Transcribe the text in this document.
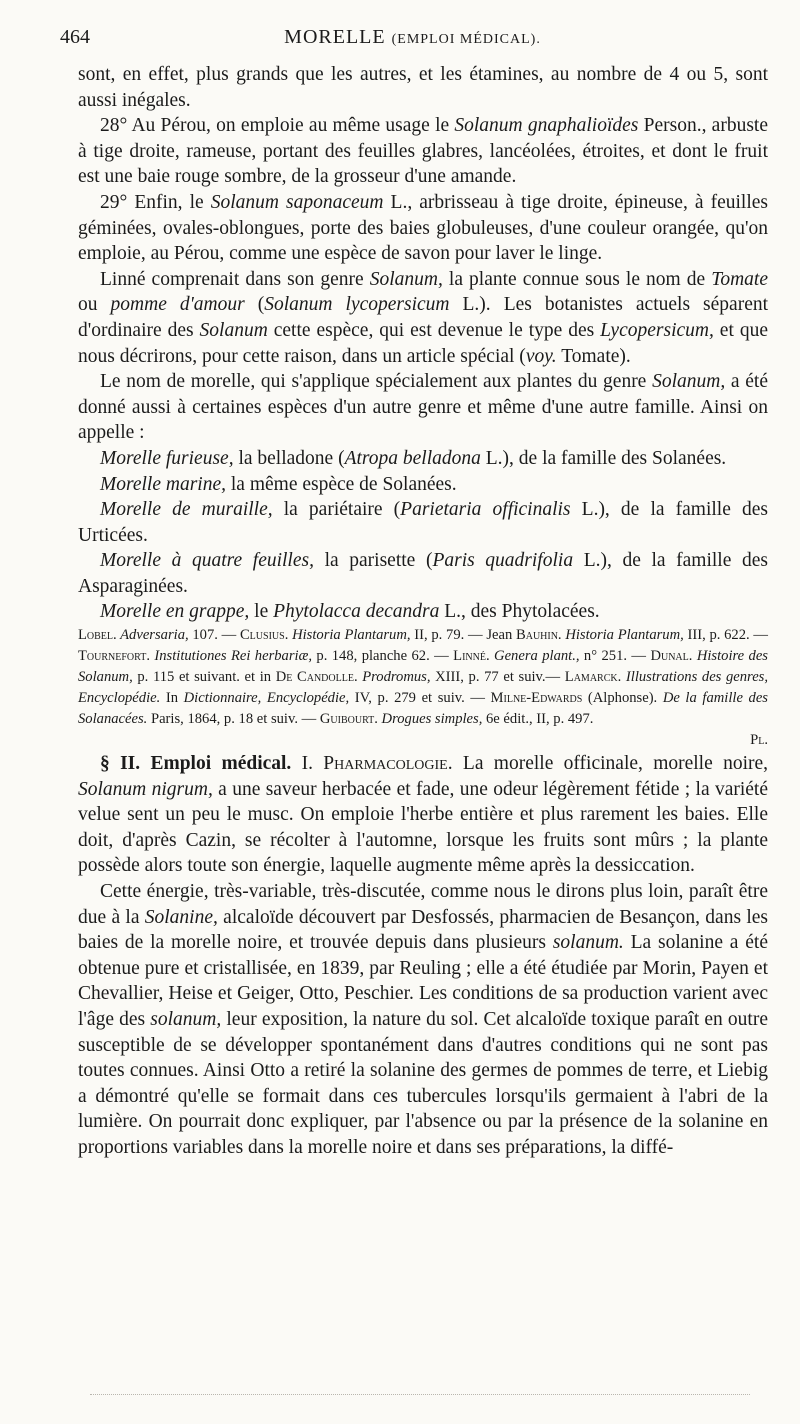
464	MORELLE (EMPLOI MÉDICAL).

sont, en effet, plus grands que les autres, et les étamines, au nombre de 4 ou 5, sont aussi inégales.

28° Au Pérou, on emploie au même usage le Solanum gnaphalioïdes Person., arbuste à tige droite, rameuse, portant des feuilles glabres, lancéolées, étroites, et dont le fruit est une baie rouge sombre, de la grosseur d'une amande.

29° Enfin, le Solanum saponaceum L., arbrisseau à tige droite, épineuse, à feuilles géminées, ovales-oblongues, porte des baies globuleuses, d'une couleur orangée, qu'on emploie, au Pérou, comme une espèce de savon pour laver le linge.

Linné comprenait dans son genre Solanum, la plante connue sous le nom de Tomate ou pomme d'amour (Solanum lycopersicum L.). Les botanistes actuels séparent d'ordinaire des Solanum cette espèce, qui est devenue le type des Lycopersicum, et que nous décrirons, pour cette raison, dans un article spécial (voy. Tomate).

Le nom de morelle, qui s'applique spécialement aux plantes du genre Solanum, a été donné aussi à certaines espèces d'un autre genre et même d'une autre famille. Ainsi on appelle :

Morelle furieuse, la belladone (Atropa belladona L.), de la famille des Solanées.

Morelle marine, la même espèce de Solanées.

Morelle de muraille, la pariétaire (Parietaria officinalis L.), de la famille des Urticées.

Morelle à quatre feuilles, la parisette (Paris quadrifolia L.), de la famille des Asparaginées.

Morelle en grappe, le Phytolacca decandra L., des Phytolacées.

Lobel. Adversaria, 107. — Clusius. Historia Plantarum, II, p. 79. — Jean Bauhin. Historia Plantarum, III, p. 622. — Tournefort. Institutiones Rei herbariæ, p. 148, planche 62. — Linné. Genera plant., n° 251. — Dunal. Histoire des Solanum, p. 115 et suivant. et in De Candolle. Prodromus, XIII, p. 77 et suiv.— Lamarck. Illustrations des genres, Encyclopédie. In Dictionnaire, Encyclopédie, IV, p. 279 et suiv. — Milne-Edwards (Alphonse). De la famille des Solanacées. Paris, 1864, p. 18 et suiv. — Guibourt. Drogues simples, 6e édit., II, p. 497.
Pl.

§ II. Emploi médical. I. Pharmacologie. La morelle officinale, morelle noire, Solanum nigrum, a une saveur herbacée et fade, une odeur légèrement fétide ; la variété velue sent un peu le musc. On emploie l'herbe entière et plus rarement les baies. Elle doit, d'après Cazin, se récolter à l'automne, lorsque les fruits sont mûrs ; la plante possède alors toute son énergie, laquelle augmente même après la dessiccation.

Cette énergie, très-variable, très-discutée, comme nous le dirons plus loin, paraît être due à la Solanine, alcaloïde découvert par Desfossés, pharmacien de Besançon, dans les baies de la morelle noire, et trouvée depuis dans plusieurs solanum. La solanine a été obtenue pure et cristallisée, en 1839, par Reuling ; elle a été étudiée par Morin, Payen et Chevallier, Heise et Geiger, Otto, Peschier. Les conditions de sa production varient avec l'âge des solanum, leur exposition, la nature du sol. Cet alcaloïde toxique paraît en outre susceptible de se développer spontanément dans d'autres conditions qui ne sont pas toutes connues. Ainsi Otto a retiré la solanine des germes de pommes de terre, et Liebig a démontré qu'elle se formait dans ces tubercules lorsqu'ils germaient à l'abri de la lumière. On pourrait donc expliquer, par l'absence ou par la présence de la solanine en proportions variables dans la morelle noire et dans ses préparations, la diffé-
